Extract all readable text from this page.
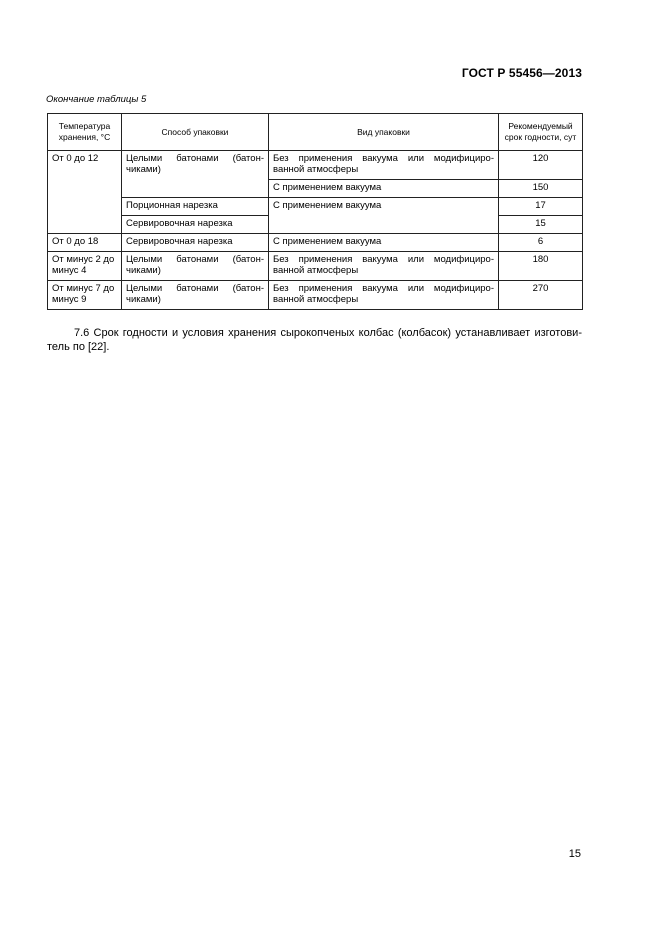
ГОСТ Р 55456—2013
Окончание таблицы 5
Температура хранения, °С	Способ упаковки	Вид упаковки	Рекомендуемый срок годности, сут
От 0 до 12	Целыми батонами (батон-чиками)	Без применения вакуума или модифициро-ванной атмосферы	120
		С применением вакуума	150
	Порционная нарезка	С применением вакуума	17
	Сервировочная нарезка		15
От 0 до 18	Сервировочная нарезка	С применением вакуума	6
От минус 2 до минус 4	Целыми батонами (батон-чиками)	Без применения вакуума или модифициро-ванной атмосферы	180
От минус 7 до минус 9	Целыми батонами (батон-чиками)	Без применения вакуума или модифициро-ванной атмосферы	270
7.6 Срок годности и условия хранения сырокопченых колбас (колбасок) устанавливает изготови-тель по [22].
15
